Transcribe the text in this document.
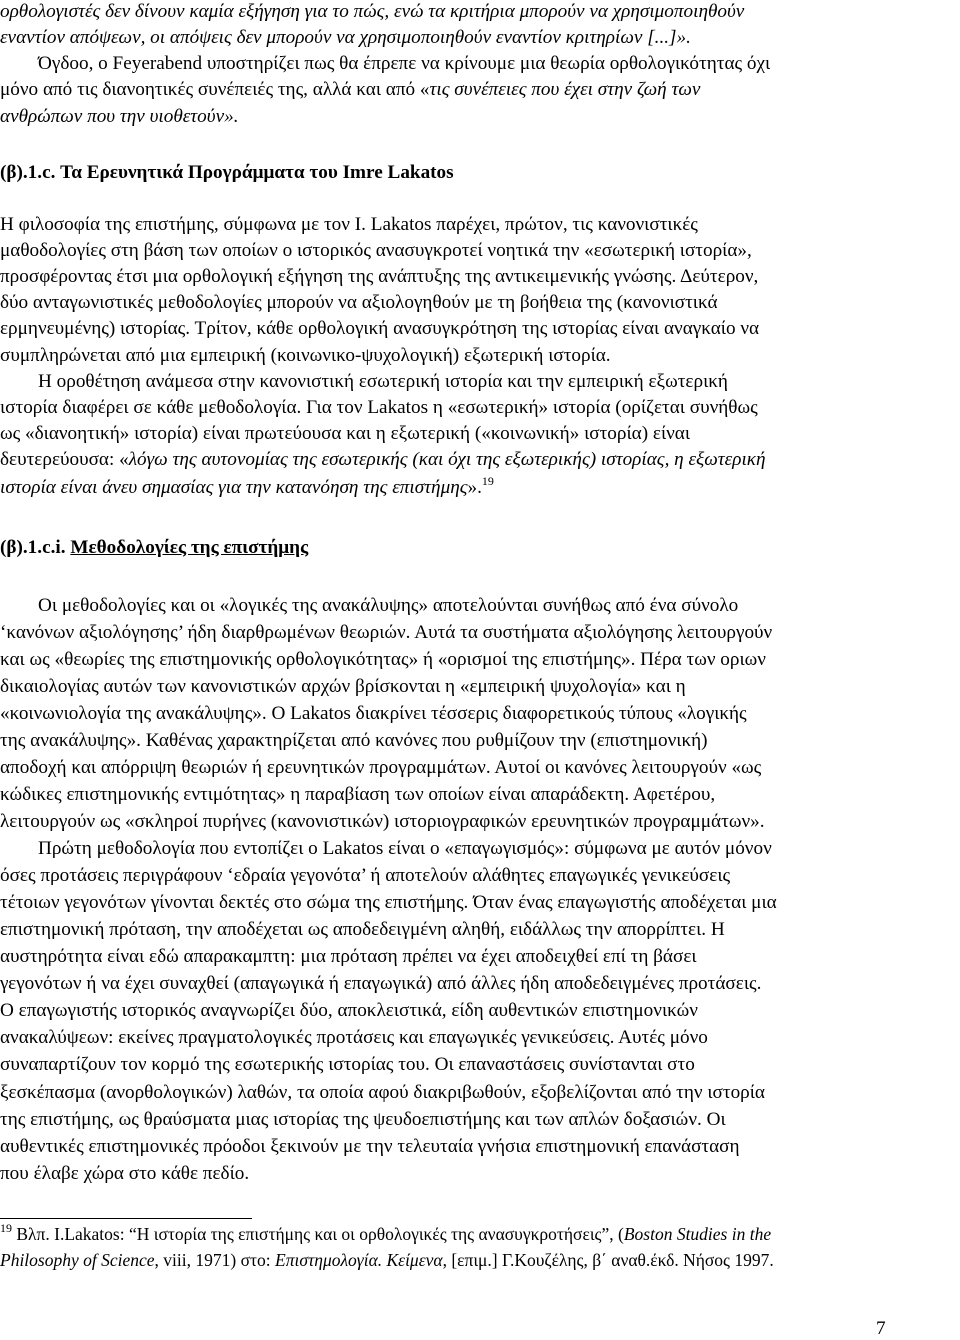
ορθολογιστές δεν δίνουν καμία εξήγηση για το πώς, ενώ τα κριτήρια μπορούν να χρησιμοποιηθούν
εναντίον απόψεων, οι απόψεις δεν μπορούν να χρησιμοποιηθούν εναντίον κριτηρίων [...]».
Όγδοο, ο Feyerabend υποστηρίζει πως θα έπρεπε να κρίνουμε μια θεωρία ορθολογικότητας όχι
μόνο από τις διανοητικές συνέπειές της, αλλά και από «τις συνέπειες που έχει στην ζωή των
ανθρώπων που την υιοθετούν».
(β).1.c. Τα Ερευνητικά Προγράμματα του Imre Lakatos
Η φιλοσοφία της επιστήμης, σύμφωνα με τον I. Lakatos παρέχει, πρώτον, τις κανονιστικές
μαθοδολογίες στη βάση των οποίων ο ιστορικός ανασυγκροτεί νοητικά την «εσωτερική ιστορία»,
προσφέροντας έτσι μια ορθολογική εξήγηση της ανάπτυξης της αντικειμενικής γνώσης. Δεύτερον,
δύο ανταγωνιστικές μεθοδολογίες μπορούν να αξιολογηθούν με τη βοήθεια της (κανονιστικά
ερμηνευμένης) ιστορίας. Τρίτον, κάθε ορθολογική ανασυγκρότηση της ιστορίας είναι αναγκαίο να
συμπληρώνεται από μια εμπειρική (κοινωνικο-ψυχολογική) εξωτερική ιστορία.
Η οροθέτηση ανάμεσα στην κανονιστική εσωτερική ιστορία και την εμπειρική εξωτερική
ιστορία διαφέρει σε κάθε μεθοδολογία. Για τον Lakatos η «εσωτερική» ιστορία (ορίζεται συνήθως
ως «διανοητική» ιστορία) είναι πρωτεύουσα και η εξωτερική («κοινωνική» ιστορία) είναι
δευτερεύουσα: «λόγω της αυτονομίας της εσωτερικής (και όχι της εξωτερικής) ιστορίας, η εξωτερική
ιστορία είναι άνευ σημασίας για την κατανόηση της επιστήμης».$^{19}$
(β).1.c.i. Μεθοδολογίες της επιστήμης
Οι μεθοδολογίες και οι «λογικές της ανακάλυψης» αποτελούνται συνήθως από ένα σύνολο
‘κανόνων αξιολόγησης’ ήδη διαρθρωμένων θεωριών. Αυτά τα συστήματα αξιολόγησης λειτουργούν
και ως «θεωρίες της επιστημονικής ορθολογικότητας» ή «ορισμοί της επιστήμης». Πέρα των οριων
δικαιολογίας αυτών των κανονιστικών αρχών βρίσκονται η «εμπειρική ψυχολογία» και η
«κοινωνιολογία της ανακάλυψης». Ο Lakatos διακρίνει τέσσερις διαφορετικούς τύπους «λογικής
της ανακάλυψης». Καθένας χαρακτηρίζεται από κανόνες που ρυθμίζουν την (επιστημονική)
αποδοχή και απόρριψη θεωριών ή ερευνητικών προγραμμάτων. Αυτοί οι κανόνες λειτουργούν «ως
κώδικες επιστημονικής εντιμότητας» η παραβίαση των οποίων είναι απαράδεκτη. Αφετέρου,
λειτουργούν ως «σκληροί πυρήνες (κανονιστικών) ιστοριογραφικών ερευνητικών προγραμμάτων».
Πρώτη μεθοδολογία που εντοπίζει ο Lakatos είναι ο «επαγωγισμός»: σύμφωνα με αυτόν μόνον
όσες προτάσεις περιγράφουν ‘εδραία γεγονότα’ ή αποτελούν αλάθητες επαγωγικές γενικεύσεις
τέτοιων γεγονότων γίνονται δεκτές στο σώμα της επιστήμης. Όταν ένας επαγωγιστής αποδέχεται μια
επιστημονική πρόταση, την αποδέχεται ως αποδεδειγμένη αληθή, ειδάλλως την απορρίπτει. Η
αυστηρότητα είναι εδώ απαρακαμπτη: μια πρόταση πρέπει να έχει αποδειχθεί επί τη βάσει
γεγονότων ή να έχει συναχθεί (απαγωγικά ή επαγωγικά) από άλλες ήδη αποδεδειγμένες προτάσεις.
Ο επαγωγιστής ιστορικός αναγνωρίζει δύο, αποκλειστικά, είδη αυθεντικών επιστημονικών
ανακαλύψεων: εκείνες πραγματολογικές προτάσεις και επαγωγικές γενικεύσεις. Αυτές μόνο
συναπαρτίζουν τον κορμό της εσωτερικής ιστορίας του. Οι επαναστάσεις συνίστανται στο
ξεσκέπασμα (ανορθολογικών) λαθών, τα οποία αφού διακριβωθούν, εξοβελίζονται από την ιστορία
της επιστήμης, ως θραύσματα μιας ιστορίας της ψευδοεπιστήμης και των απλών δοξασιών. Οι
αυθεντικές επιστημονικές πρόοδοι ξεκινούν με την τελευταία γνήσια επιστημονική επανάσταση
που έλαβε χώρα στο κάθε πεδίο.
$^{19}$ Βλπ. I.Lakatos: “Η ιστορία της επιστήμης και οι ορθολογικές της ανασυγκροτήσεις”, (Boston Studies in the
Philosophy of Science, viii, 1971) στο: Επιστημολογία. Κείμενα, [επιμ.] Γ.Κουζέλης, β΄ αναθ.έκδ. Νήσος 1997.
7
